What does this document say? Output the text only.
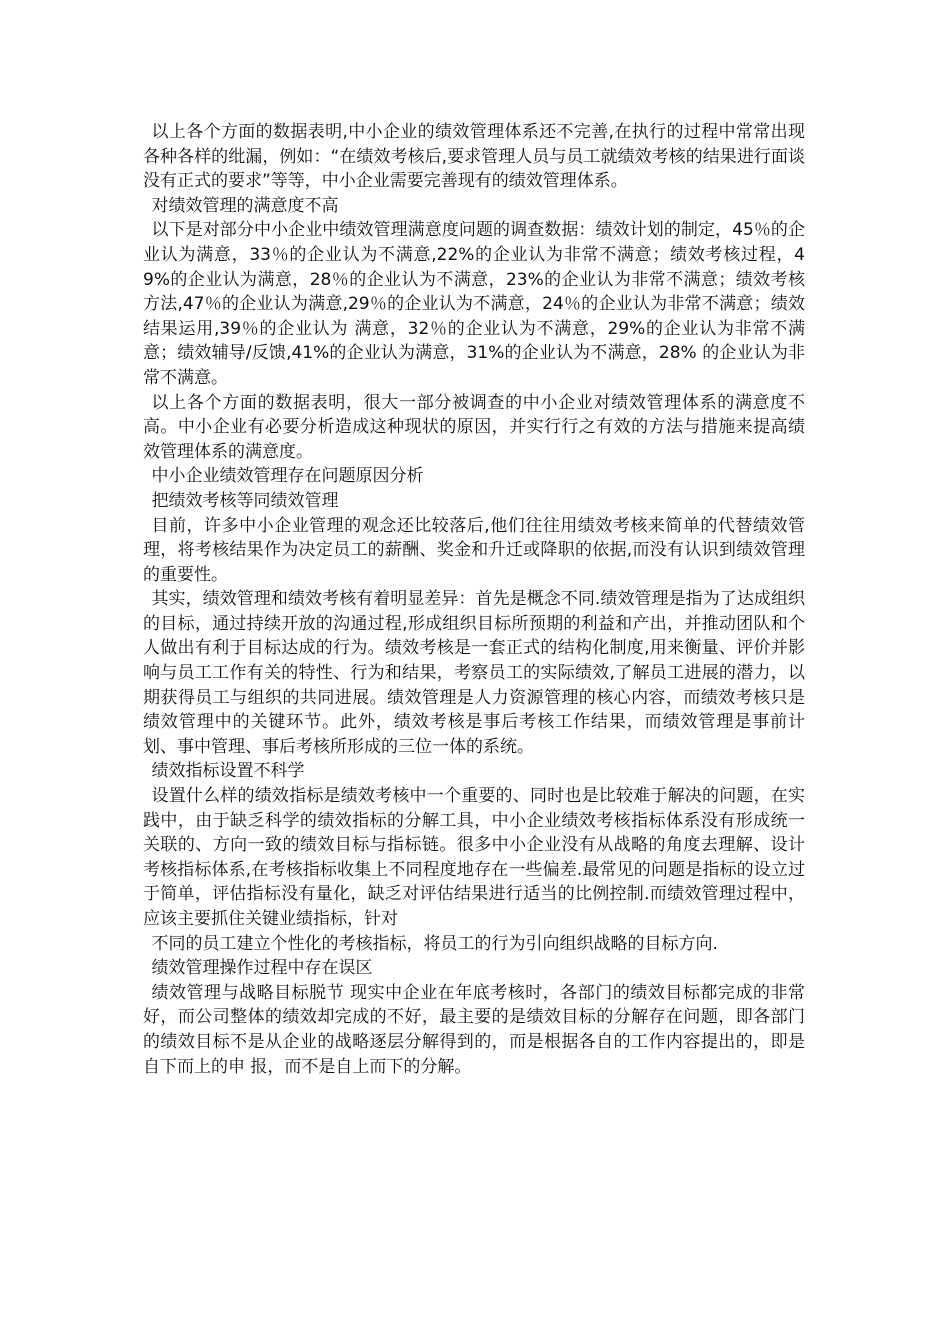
以上各个方面的数据表明,中小企业的绩效管理体系还不完善,在执行的过程中常常出现各种各样的纰漏，例如：“在绩效考核后,要求管理人员与员工就绩效考核的结果进行面谈没有正式的要求”等等，中小企业需要完善现有的绩效管理体系。

对绩效管理的满意度不高

以下是对部分中小企业中绩效管理满意度问题的调查数据：绩效计划的制定，45％的企业认为满意，33％的企业认为不满意,22%的企业认为非常不满意；绩效考核过程，49%的企业认为满意，28％的企业认为不满意，23%的企业认为非常不满意；绩效考核方法,47％的企业认为满意,29％的企业认为不满意，24％的企业认为非常不满意；绩效结果运用,39％的企业认为 满意，32％的企业认为不满意，29%的企业认为非常不满意；绩效辅导/反馈,41%的企业认为满意，31%的企业认为不满意，28% 的企业认为非常不满意。

以上各个方面的数据表明，很大一部分被调查的中小企业对绩效管理体系的满意度不高。中小企业有必要分析造成这种现状的原因，并实行行之有效的方法与措施来提高绩效管理体系的满意度。

中小企业绩效管理存在问题原因分析

把绩效考核等同绩效管理

目前，许多中小企业管理的观念还比较落后,他们往往用绩效考核来简单的代替绩效管理，将考核结果作为决定员工的薪酬、奖金和升迁或降职的依据,而没有认识到绩效管理的重要性。

其实，绩效管理和绩效考核有着明显差异：首先是概念不同.绩效管理是指为了达成组织的目标，通过持续开放的沟通过程,形成组织目标所预期的利益和产出，并推动团队和个人做出有利于目标达成的行为。绩效考核是一套正式的结构化制度,用来衡量、评价并影响与员工工作有关的特性、行为和结果，考察员工的实际绩效,了解员工进展的潜力，以期获得员工与组织的共同进展。绩效管理是人力资源管理的核心内容，而绩效考核只是绩效管理中的关键环节。此外，绩效考核是事后考核工作结果，而绩效管理是事前计划、事中管理、事后考核所形成的三位一体的系统。

绩效指标设置不科学

设置什么样的绩效指标是绩效考核中一个重要的、同时也是比较难于解决的问题，在实践中，由于缺乏科学的绩效指标的分解工具，中小企业绩效考核指标体系没有形成统一关联的、方向一致的绩效目标与指标链。很多中小企业没有从战略的角度去理解、设计考核指标体系,在考核指标收集上不同程度地存在一些偏差.最常见的问题是指标的设立过于简单，评估指标没有量化，缺乏对评估结果进行适当的比例控制.而绩效管理过程中，应该主要抓住关键业绩指标，针对

不同的员工建立个性化的考核指标，将员工的行为引向组织战略的目标方向.

绩效管理操作过程中存在误区

绩效管理与战略目标脱节 现实中企业在年底考核时，各部门的绩效目标都完成的非常好，而公司整体的绩效却完成的不好，最主要的是绩效目标的分解存在问题，即各部门的绩效目标不是从企业的战略逐层分解得到的，而是根据各自的工作内容提出的，即是自下而上的申 报，而不是自上而下的分解。
